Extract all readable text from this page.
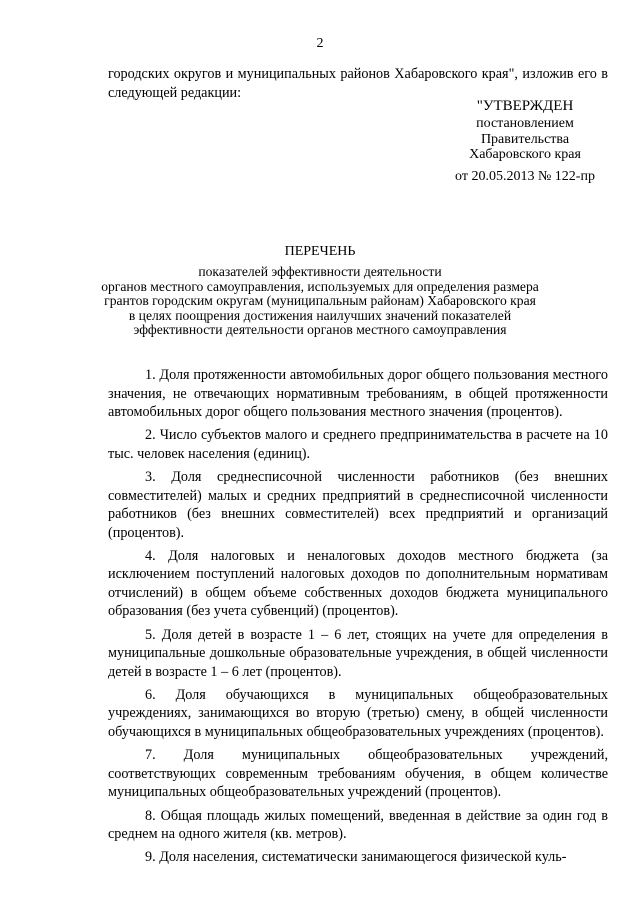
2

городских округов и муниципальных районов Хабаровского края", изложив его в следующей редакции:

"УТВЕРЖДЕН
постановлением
Правительства
Хабаровского края
от 20.05.2013 № 122-пр
ПЕРЕЧЕНЬ
показателей эффективности деятельности
органов местного самоуправления, используемых для определения размера
грантов городским округам (муниципальным районам) Хабаровского края
в целях поощрения достижения наилучших значений показателей
эффективности деятельности органов местного самоуправления

1. Доля протяженности автомобильных дорог общего пользования местного значения, не отвечающих нормативным требованиям, в общей протяженности автомобильных дорог общего пользования местного значения (процентов).

2. Число субъектов малого и среднего предпринимательства в расчете на 10 тыс. человек населения (единиц).

3. Доля среднесписочной численности работников (без внешних совместителей) малых и средних предприятий в среднесписочной численности работников (без внешних совместителей) всех предприятий и организаций (процентов).

4. Доля налоговых и неналоговых доходов местного бюджета (за исключением поступлений налоговых доходов по дополнительным нормативам отчислений) в общем объеме собственных доходов бюджета муниципального образования (без учета субвенций) (процентов).

5. Доля детей в возрасте 1 – 6 лет, стоящих на учете для определения в муниципальные дошкольные образовательные учреждения, в общей численности детей в возрасте 1 – 6 лет (процентов).

6. Доля обучающихся в муниципальных общеобразовательных учреждениях, занимающихся во вторую (третью) смену, в общей численности обучающихся в муниципальных общеобразовательных учреждениях (процентов).

7. Доля муниципальных общеобразовательных учреждений, соответствующих современным требованиям обучения, в общем количестве муниципальных общеобразовательных учреждений (процентов).

8. Общая площадь жилых помещений, введенная в действие за один год в среднем на одного жителя (кв. метров).

9. Доля населения, систематически занимающегося физической куль-
